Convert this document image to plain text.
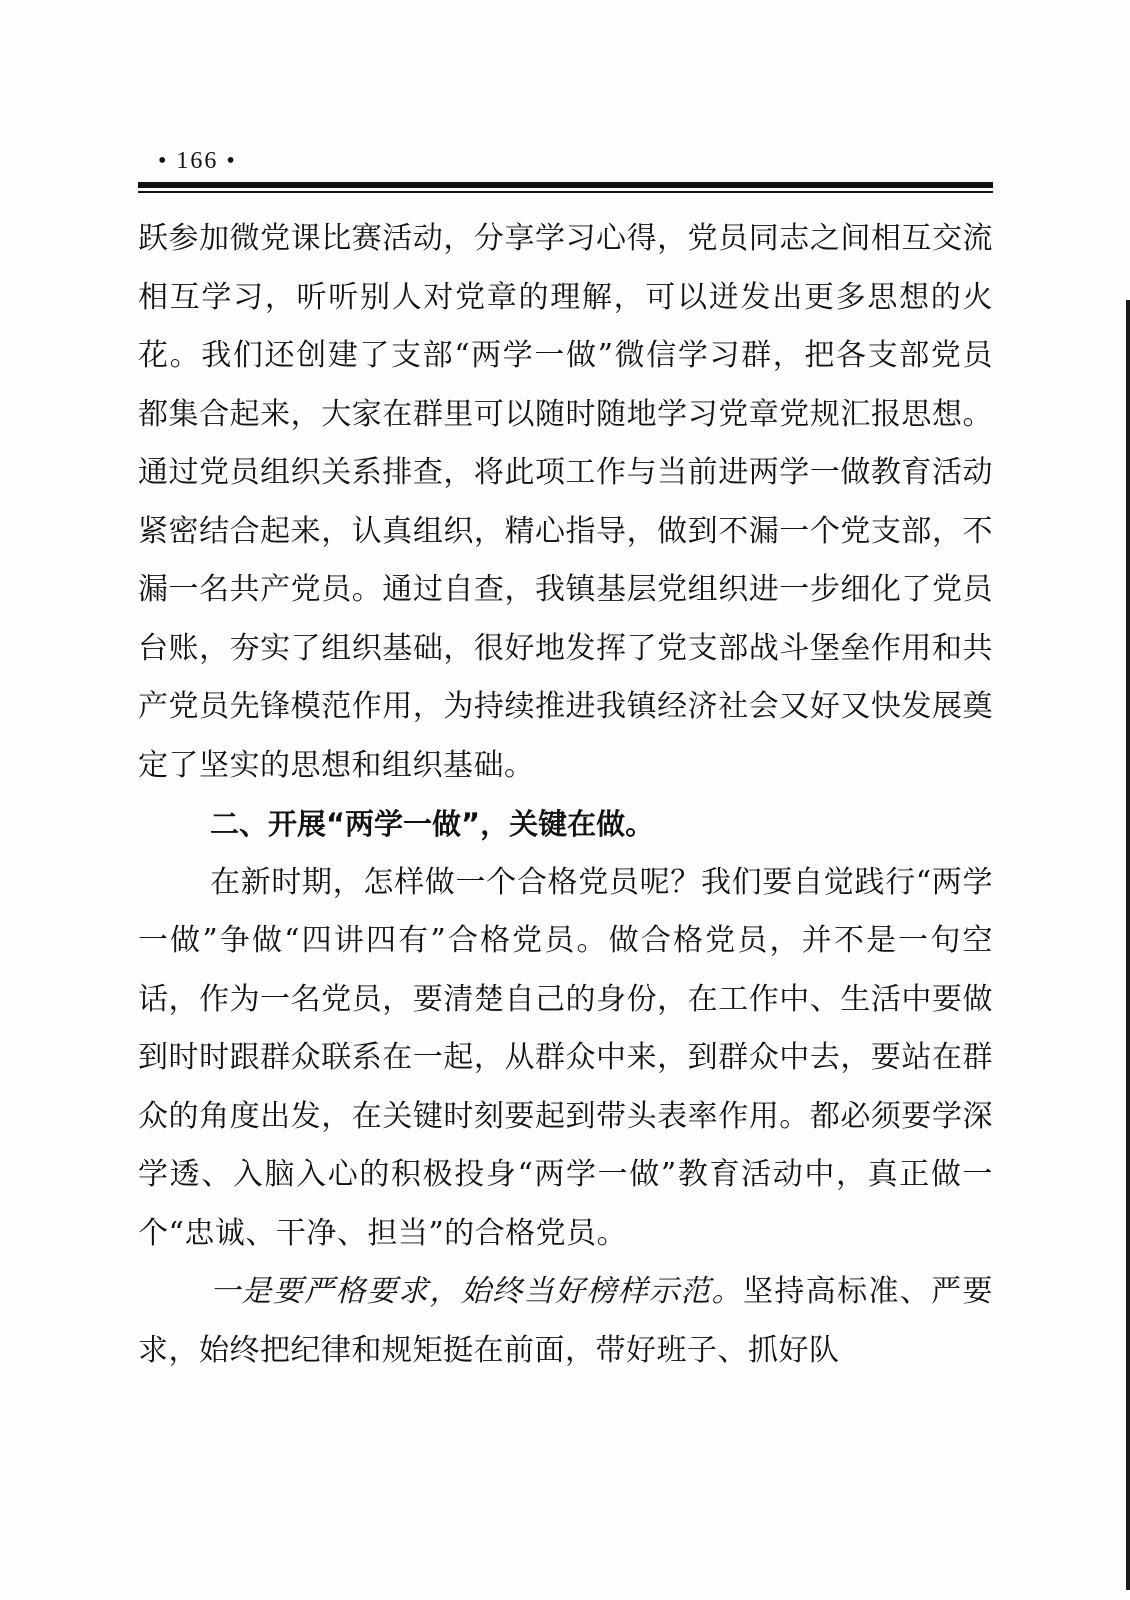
• 166 •

跃参加微党课比赛活动，分享学习心得，党员同志之间相互交流相互学习，听听别人对党章的理解，可以迸发出更多思想的火花。我们还创建了支部“两学一做”微信学习群，把各支部党员都集合起来，大家在群里可以随时随地学习党章党规汇报思想。通过党员组织关系排查，将此项工作与当前进两学一做教育活动紧密结合起来，认真组织，精心指导，做到不漏一个党支部，不漏一名共产党员。通过自查，我镇基层党组织进一步细化了党员台账，夯实了组织基础，很好地发挥了党支部战斗堡垒作用和共产党员先锋模范作用，为持续推进我镇经济社会又好又快发展奠定了坚实的思想和组织基础。

二、开展“两学一做”，关键在做。

在新时期，怎样做一个合格党员呢？我们要自觉践行“两学一做”争做“四讲四有”合格党员。做合格党员，并不是一句空话，作为一名党员，要清楚自己的身份，在工作中、生活中要做到时时跟群众联系在一起，从群众中来，到群众中去，要站在群众的角度出发，在关键时刻要起到带头表率作用。都必须要学深学透、入脑入心的积极投身“两学一做”教育活动中，真正做一个“忠诚、干净、担当”的合格党员。

一是要严格要求，始终当好榜样示范。坚持高标准、严要求，始终把纪律和规矩挺在前面，带好班子、抓好队
